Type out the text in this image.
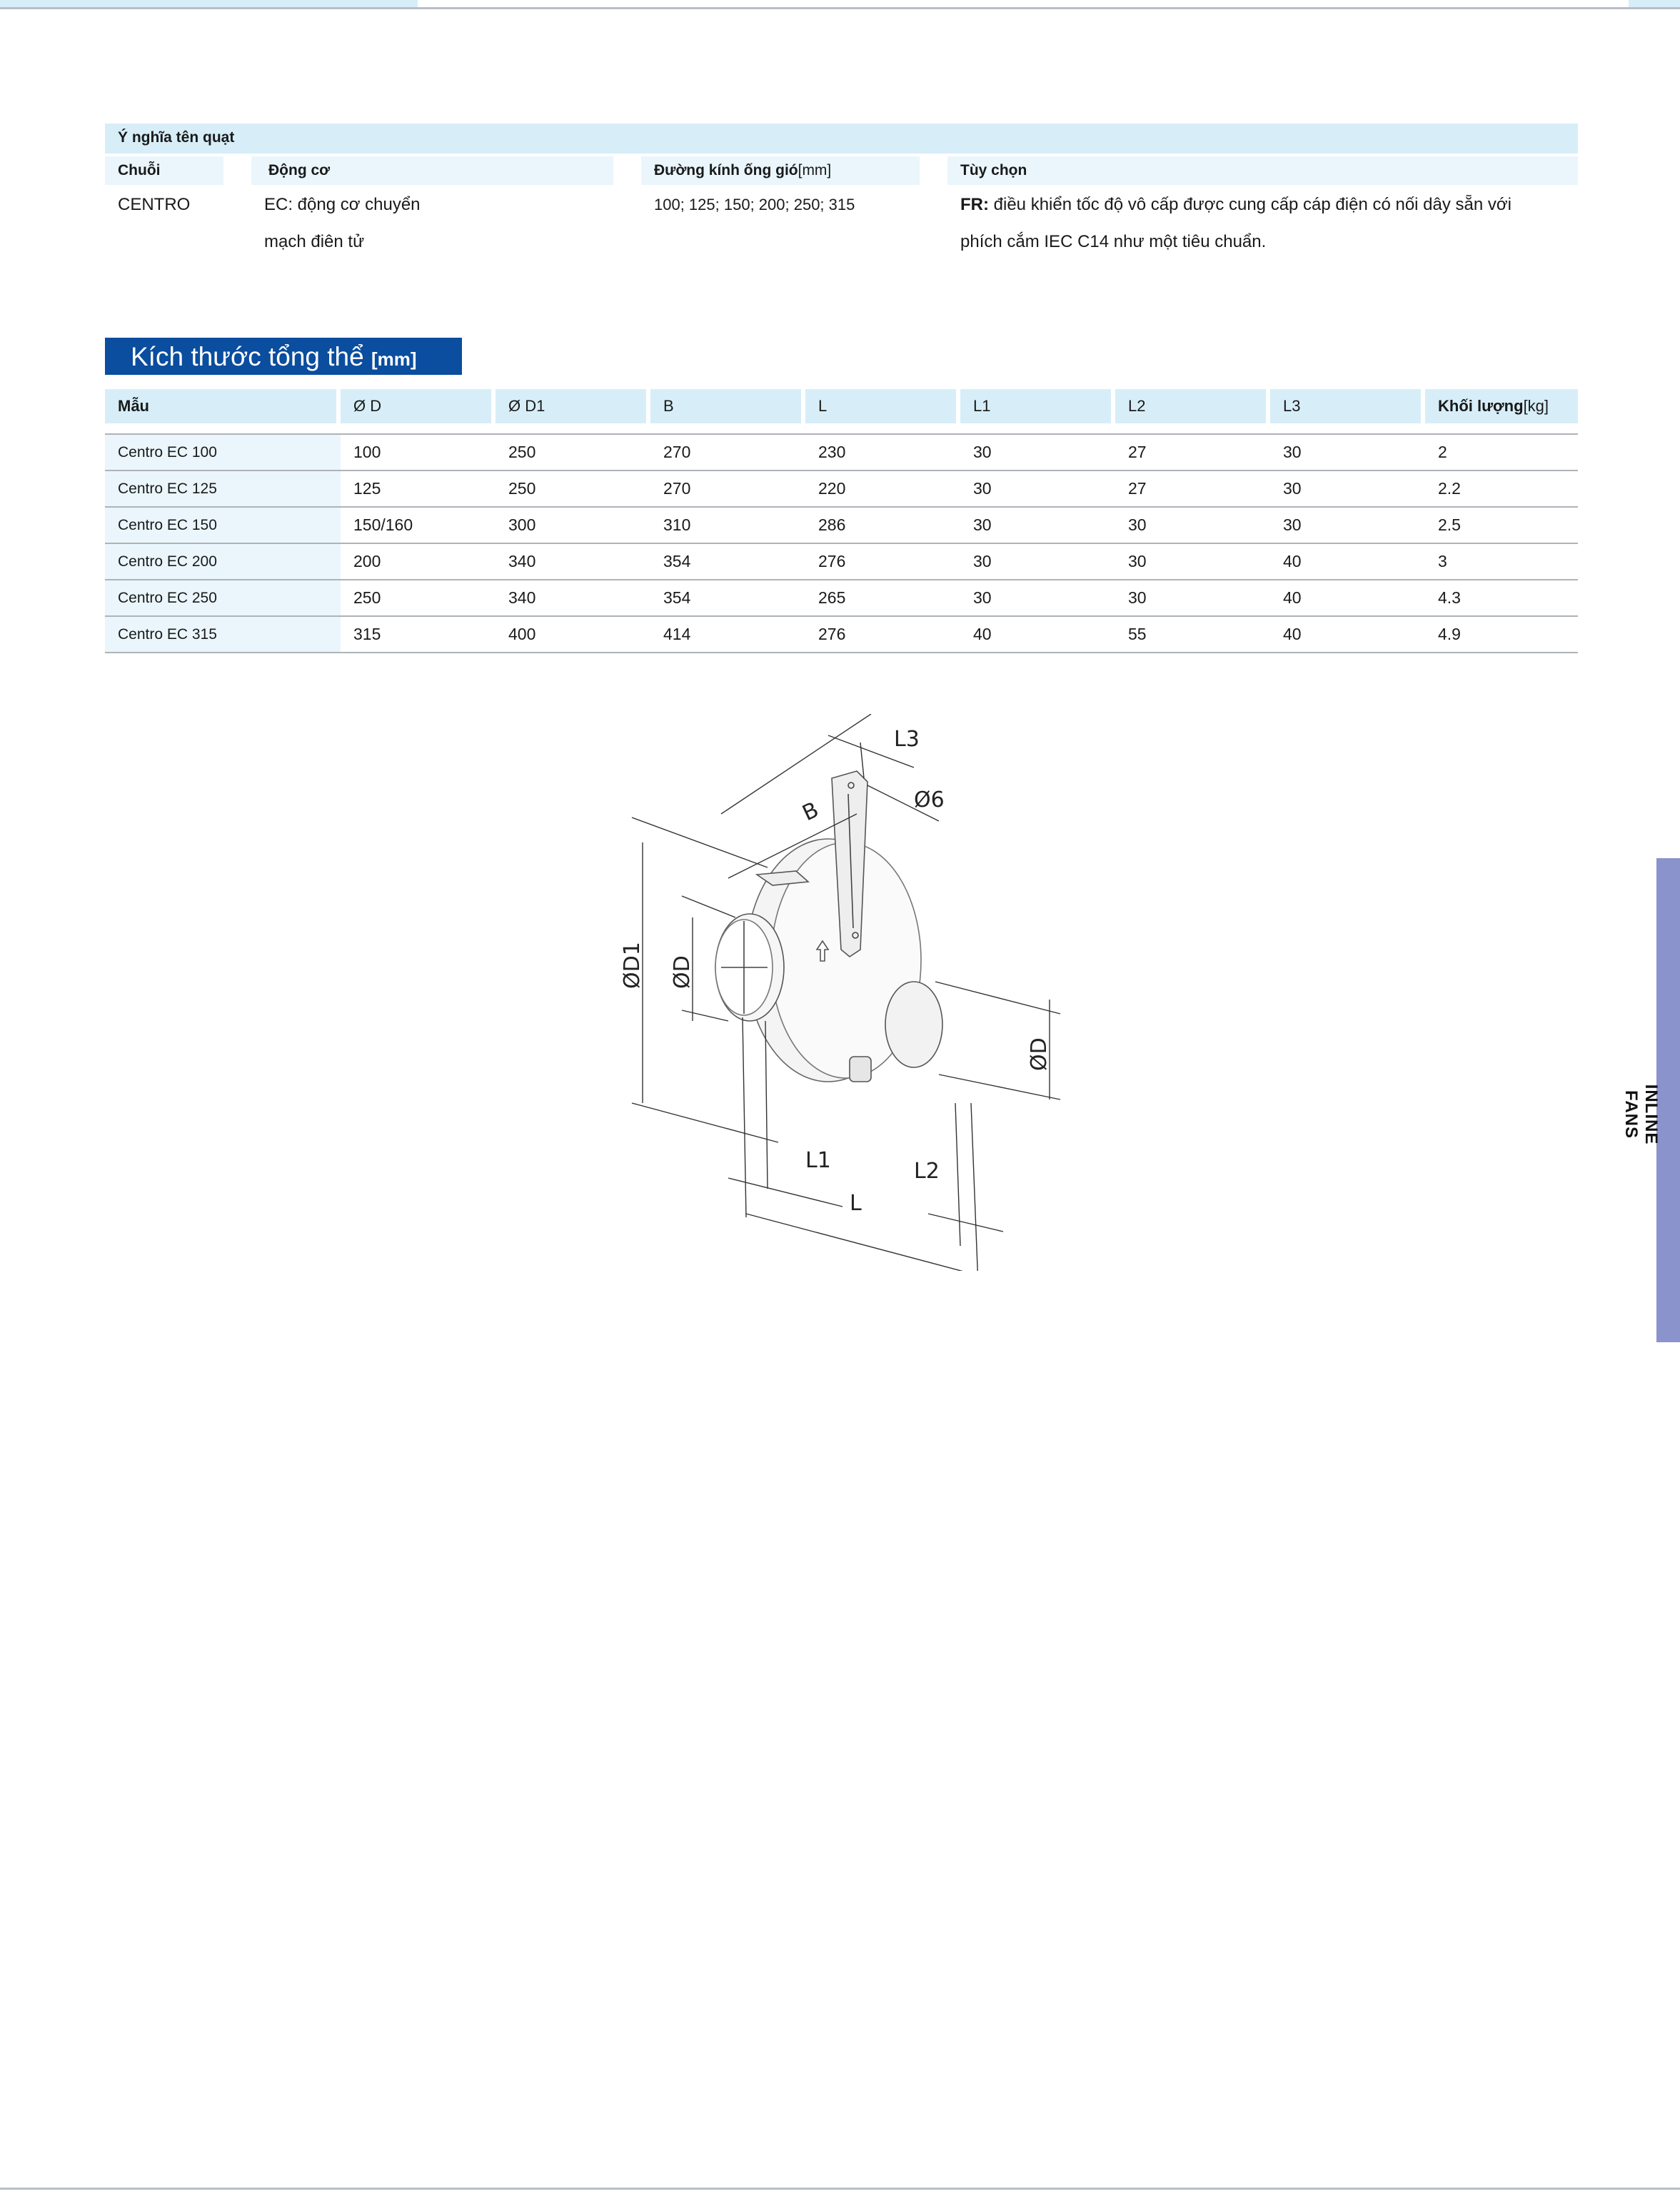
Ý nghĩa tên quạt
Chuỗi	Động cơ	Đường kính ống gió[mm]	Tùy chọn
CENTRO	EC: động cơ chuyển
mạch điên tử
100; 125; 150; 200; 250; 315	FR: điều khiển tốc độ vô cấp được cung cấp cáp điện có nối dây sẵn với
phích cắm IEC C14 như một tiêu chuẩn.
Kích thước tổng thể [mm]
Mẫu	Ø D	Ø D1	B	L	L1	L2	L3	Khối lượng[kg]

Centro EC 100	100	250	270	230	30	27	30	2
Centro EC 125	125	250	270	220	30	27	30	2.2
Centro EC 150	150/160	300	310	286	30	30	30	2.5
Centro EC 200	200	340	354	276	30	30	40	3
Centro EC 250	250	340	354	265	30	30	40	4.3
Centro EC 315	315	400	414	276	40	55	40	4.9
L3
B	Ø6
ØD1 ØD
ØD
L1	L2
L
INLINE FANS
